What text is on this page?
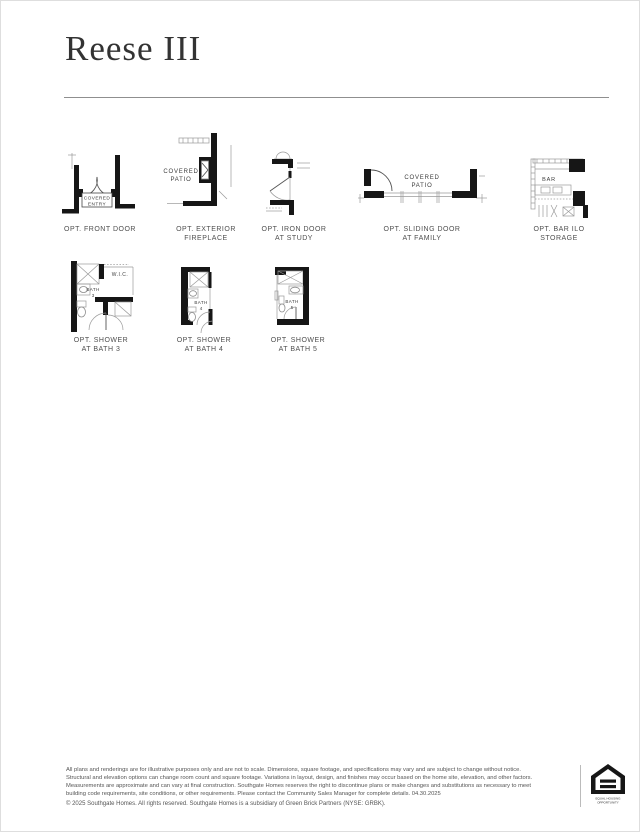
Reese III
COVERED
ENTRY
OPT. FRONT DOOR
COVERED
PATIO
OPT. EXTERIOR
FIREPLACE
OPT. IRON DOOR
AT STUDY
COVERED
PATIO
OPT. SLIDING DOOR
AT FAMILY
BAR
OPT. BAR ILO
STORAGE
W.I.C.
BATH
3
OPT. SHOWER
AT BATH 3
BATH
4
OPT. SHOWER
AT BATH 4
BATH
5
OPT. SHOWER
AT BATH 5
All plans and renderings are for illustrative purposes only and are not to scale. Dimensions, square footage, and specifications may vary and are subject to change without notice.
Structural and elevation options can change room count and square footage. Variations in layout, design, and finishes may occur based on the home site, elevation, and other factors.
Measurements are approximate and can vary at final construction. Southgate Homes reserves the right to discontinue plans or make changes and substitutions as necessary to meet
building code requirements, site conditions, or other requirements. Please contact the Community Sales Manager for complete details. 04.30.2025
© 2025 Southgate Homes. All rights reserved. Southgate Homes is a subsidiary of Green Brick Partners (NYSE: GRBK).
EQUAL HOUSING
OPPORTUNITY
